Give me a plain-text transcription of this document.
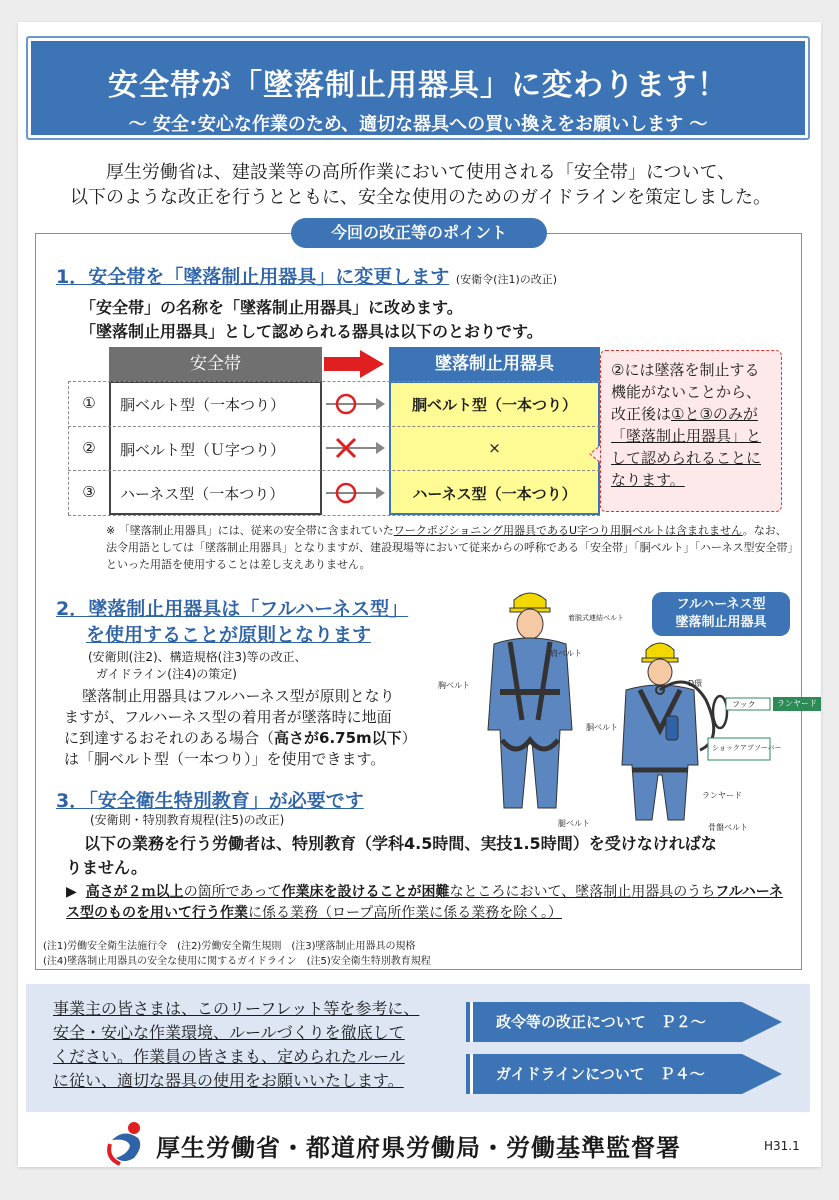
安全帯が「墜落制止用器具」に変わります！
～ 安全･安心な作業のため、適切な器具への買い換えをお願いします ～
厚生労働省は、建設業等の高所作業において使用される「安全帯」について、
以下のような改正を行うとともに、安全な使用のためのガイドラインを策定しました。
今回の改正等のポイント
1．安全帯を「墜落制止用器具」に変更します (安衛令(注1)の改正)
「安全帯」の名称を「墜落制止用器具」に改めます。
「墜落制止用器具」として認められる器具は以下のとおりです。
安全帯	墜落制止用器具
①	胴ベルト型（一本つり）	胴ベルト型（一本つり）
②	胴ベルト型（Ｕ字つり）	×
③	ハーネス型（一本つり）	ハーネス型（一本つり）
②には墜落を制止する機能がないことから、改正後は①と③のみが「墜落制止用器具」として認められることになります。
※ 「墜落制止用器具」には、従来の安全帯に含まれていたワークポジショニング用器具であるU字つり用胴ベルトは含まれません。なお、法令用語としては「墜落制止用器具」となりますが、建設現場等において従来からの呼称である「安全帯」「胴ベルト」「ハーネス型安全帯」といった用語を使用することは差し支えありません。
2．墜落制止用器具は「フルハーネス型」
を使用することが原則となります
(安衛則(注2)、構造規格(注3)等の改正、
ガイドライン(注4)の策定)
墜落制止用器具はフルハーネス型が原則となり
ますが、フルハーネス型の着用者が墜落時に地面
に到達するおそれのある場合（高さが6.75m以下）
は「胴ベルト型（一本つり）」を使用できます。
着脱式連結ベルト
肩ベルト
胸ベルト
胴ベルト
腿ベルト
D環
フック
ショックアブソーバー
ランヤード
骨盤ベルト
ランヤード
フルハーネス型
墜落制止用器具
3．「安全衛生特別教育」が必要です
(安衛則・特別教育規程(注5)の改正)
以下の業務を行う労働者は、特別教育（学科4.5時間、実技1.5時間）を受けなければな
りません。
▶ 高さが２ｍ以上の箇所であって作業床を設けることが困難なところにおいて、墜落制止用器具のうちフルハーネス型のものを用いて行う作業に係る業務（ロープ高所作業に係る業務を除く。）
(注1)労働安全衛生法施行令　(注2)労働安全衛生規則　(注3)墜落制止用器具の規格
(注4)墜落制止用器具の安全な使用に関するガイドライン　(注5)安全衛生特別教育規程
事業主の皆さまは、このリーフレット等を参考に、
安全・安心な作業環境、ルールづくりを徹底して
ください。作業員の皆さまも、定められたルール
に従い、適切な器具の使用をお願いいたします。
政令等の改正について　Ｐ２～
ガイドラインについて　Ｐ４～
厚生労働省・都道府県労働局・労働基準監督署	H31.1
